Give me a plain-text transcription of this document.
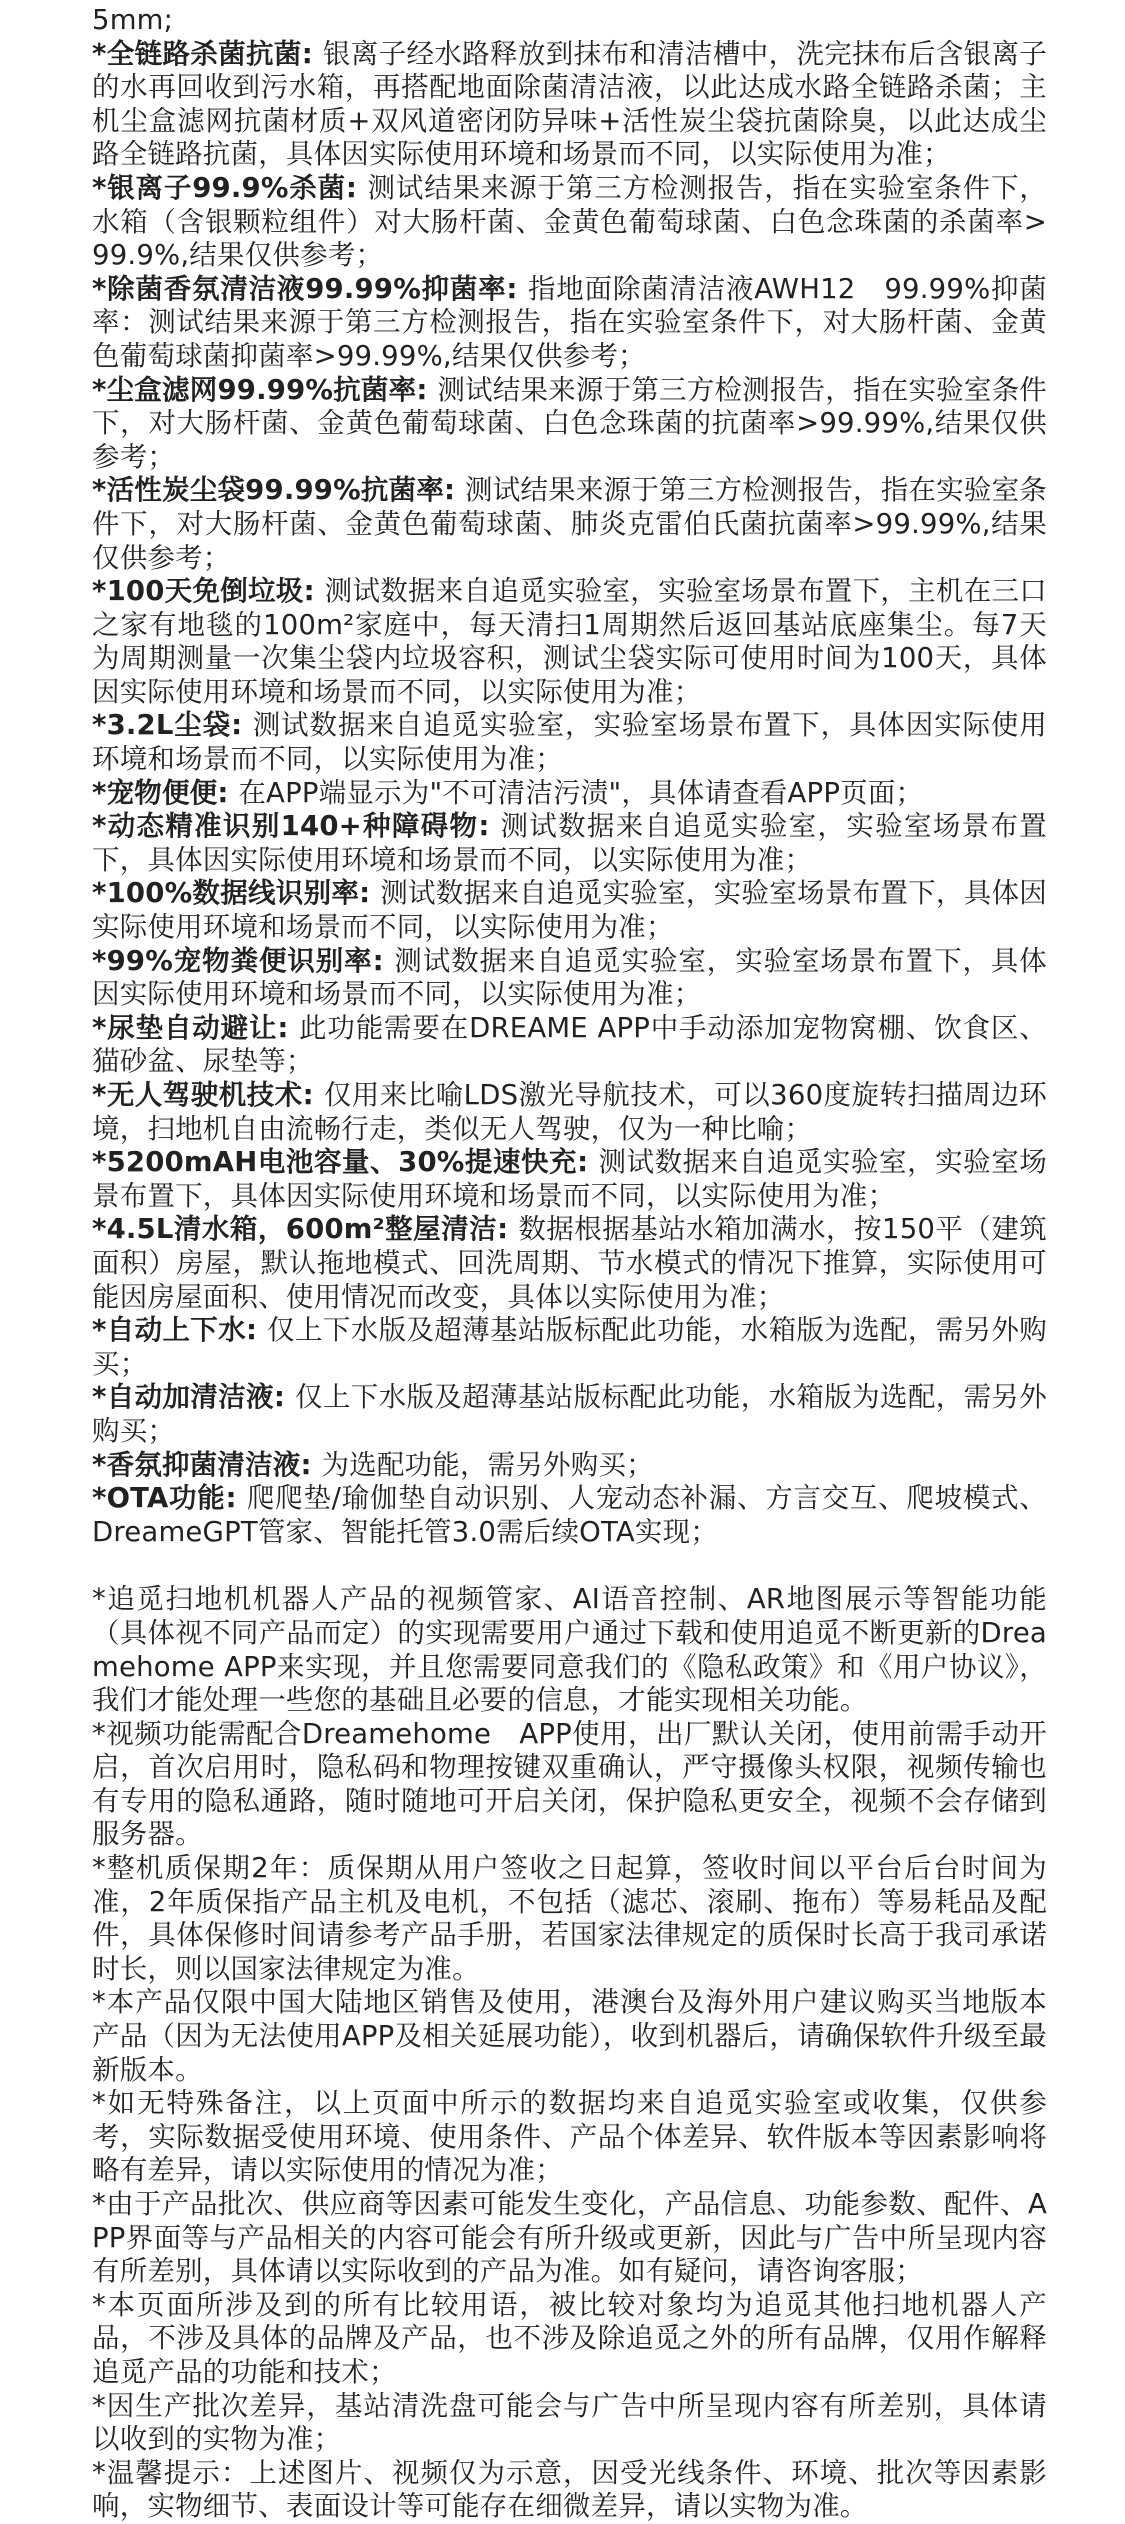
5mm;

*全链路杀菌抗菌: 银离子经水路释放到抹布和清洁槽中，洗完抹布后含银离子的水再回收到污水箱，再搭配地面除菌清洁液，以此达成水路全链路杀菌；主机尘盒滤网抗菌材质+双风道密闭防异味+活性炭尘袋抗菌除臭，以此达成尘路全链路抗菌，具体因实际使用环境和场景而不同，以实际使用为准；

*银离子99.9%杀菌: 测试结果来源于第三方检测报告，指在实验室条件下，水箱（含银颗粒组件）对大肠杆菌、金黄色葡萄球菌、白色念珠菌的杀菌率>99.9%,结果仅供参考；

*除菌香氛清洁液99.99%抑菌率: 指地面除菌清洁液AWH12　99.99%抑菌率：测试结果来源于第三方检测报告，指在实验室条件下，对大肠杆菌、金黄色葡萄球菌抑菌率>99.99%,结果仅供参考；

*尘盒滤网99.99%抗菌率: 测试结果来源于第三方检测报告，指在实验室条件下，对大肠杆菌、金黄色葡萄球菌、白色念珠菌的抗菌率>99.99%,结果仅供参考；

*活性炭尘袋99.99%抗菌率: 测试结果来源于第三方检测报告，指在实验室条件下，对大肠杆菌、金黄色葡萄球菌、肺炎克雷伯氏菌抗菌率>99.99%,结果仅供参考；

*100天免倒垃圾: 测试数据来自追觅实验室，实验室场景布置下，主机在三口之家有地毯的100m²家庭中，每天清扫1周期然后返回基站底座集尘。每7天为周期测量一次集尘袋内垃圾容积，测试尘袋实际可使用时间为100天，具体因实际使用环境和场景而不同，以实际使用为准；

*3.2L尘袋: 测试数据来自追觅实验室，实验室场景布置下，具体因实际使用环境和场景而不同，以实际使用为准；

*宠物便便: 在APP端显示为"不可清洁污渍"，具体请查看APP页面；

*动态精准识别140+种障碍物: 测试数据来自追觅实验室，实验室场景布置下，具体因实际使用环境和场景而不同，以实际使用为准；

*100%数据线识别率: 测试数据来自追觅实验室，实验室场景布置下，具体因实际使用环境和场景而不同，以实际使用为准；

*99%宠物粪便识别率: 测试数据来自追觅实验室，实验室场景布置下，具体因实际使用环境和场景而不同，以实际使用为准；

*尿垫自动避让: 此功能需要在DREAME APP中手动添加宠物窝棚、饮食区、猫砂盆、尿垫等；

*无人驾驶机技术: 仅用来比喻LDS激光导航技术，可以360度旋转扫描周边环境，扫地机自由流畅行走，类似无人驾驶，仅为一种比喻；

*5200mAH电池容量、30%提速快充: 测试数据来自追觅实验室，实验室场景布置下，具体因实际使用环境和场景而不同，以实际使用为准；

*4.5L清水箱，600m²整屋清洁: 数据根据基站水箱加满水，按150平（建筑面积）房屋，默认拖地模式、回洗周期、节水模式的情况下推算，实际使用可能因房屋面积、使用情况而改变，具体以实际使用为准；

*自动上下水: 仅上下水版及超薄基站版标配此功能，水箱版为选配，需另外购买；

*自动加清洁液: 仅上下水版及超薄基站版标配此功能，水箱版为选配，需另外购买；

*香氛抑菌清洁液: 为选配功能，需另外购买；

*OTA功能: 爬爬垫/瑜伽垫自动识别、人宠动态补漏、方言交互、爬坡模式、DreameGPT管家、智能托管3.0需后续OTA实现；

*追觅扫地机机器人产品的视频管家、AI语音控制、AR地图展示等智能功能（具体视不同产品而定）的实现需要用户通过下载和使用追觅不断更新的Dreamehome APP来实现，并且您需要同意我们的《隐私政策》和《用户协议》，我们才能处理一些您的基础且必要的信息，才能实现相关功能。

*视频功能需配合Dreamehome　APP使用，出厂默认关闭，使用前需手动开启，首次启用时，隐私码和物理按键双重确认，严守摄像头权限，视频传输也有专用的隐私通路，随时随地可开启关闭，保护隐私更安全，视频不会存储到服务器。

*整机质保期2年：质保期从用户签收之日起算，签收时间以平台后台时间为准，2年质保指产品主机及电机，不包括（滤芯、滚刷、拖布）等易耗品及配件，具体保修时间请参考产品手册，若国家法律规定的质保时长高于我司承诺时长，则以国家法律规定为准。

*本产品仅限中国大陆地区销售及使用，港澳台及海外用户建议购买当地版本产品（因为无法使用APP及相关延展功能），收到机器后，请确保软件升级至最新版本。

*如无特殊备注，以上页面中所示的数据均来自追觅实验室或收集，仅供参考，实际数据受使用环境、使用条件、产品个体差异、软件版本等因素影响将略有差异，请以实际使用的情况为准；

*由于产品批次、供应商等因素可能发生变化，产品信息、功能参数、配件、APP界面等与产品相关的内容可能会有所升级或更新，因此与广告中所呈现内容有所差别，具体请以实际收到的产品为准。如有疑问，请咨询客服；

*本页面所涉及到的所有比较用语，被比较对象均为追觅其他扫地机器人产品，不涉及具体的品牌及产品，也不涉及除追觅之外的所有品牌，仅用作解释追觅产品的功能和技术；

*因生产批次差异，基站清洗盘可能会与广告中所呈现内容有所差别，具体请以收到的实物为准；

*温馨提示：上述图片、视频仅为示意，因受光线条件、环境、批次等因素影响，实物细节、表面设计等可能存在细微差异，请以实物为准。
